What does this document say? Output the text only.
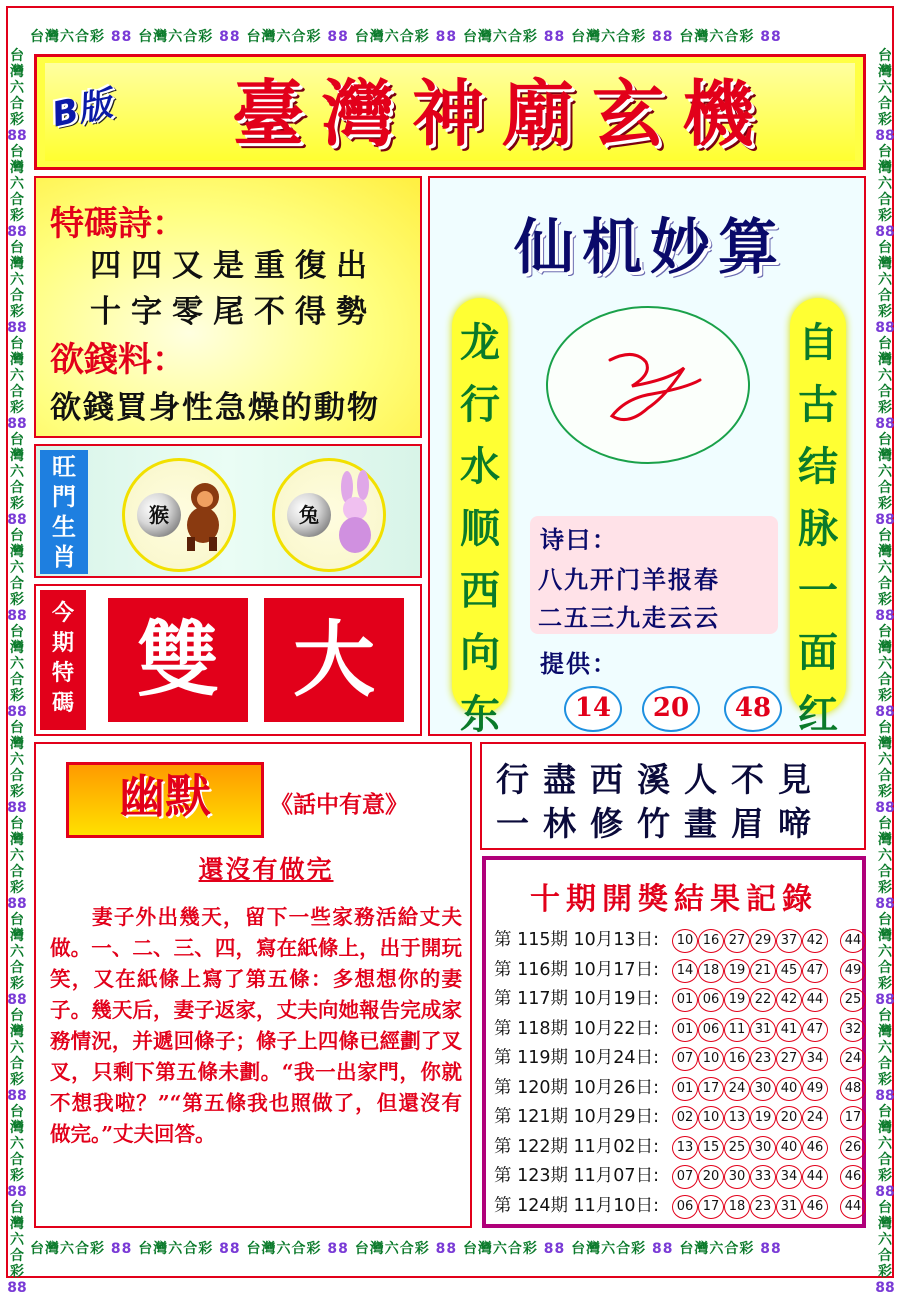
台灣六合彩 88 台灣六合彩 88 台灣六合彩 88 台灣六合彩 88 台灣六合彩 88 台灣六合彩 88 台灣六合彩 88
台灣六合彩 88 台灣六合彩 88 台灣六合彩 88 台灣六合彩 88 台灣六合彩 88 台灣六合彩 88 台灣六合彩 88
台
灣
六
合
彩
88
台
灣
六
合
彩
88
台
灣
六
合
彩
88
台
灣
六
合
彩
88
台
灣
六
合
彩
88
台
灣
六
合
彩
88
台
灣
六
合
彩
88
台
灣
六
合
彩
88
台
灣
六
合
彩
88
台
灣
六
合
彩
88
台
灣
六
合
彩
88
台
灣
六
合
彩
88
台
灣
六
合
彩
88
台
灣
六
合
彩
88
台
灣
六
合
彩
88
台
灣
六
合
彩
88
台
灣
六
合
彩
88
台
灣
六
合
彩
88
台
灣
六
合
彩
88
台
灣
六
合
彩
88
台
灣
六
合
彩
88
台
灣
六
合
彩
88
台
灣
六
合
彩
88
台
灣
六
合
彩
88
台
灣
六
合
彩
88
台
灣
六
合
彩
88
B版	臺灣神廟玄機
特碼詩：
四四又是重復出
十字零尾不得勢
欲錢料：
欲錢買身性急燥的動物
旺
門
生
肖
猴	兔
今
期
特
碼 雙 大
仙机妙算
龙
行
水
顺
西
向
东
自
古
结
脉
一
面
红
诗曰：
八九开门羊报春
二五三九走云云
提供：
14	20	48
幽默	《話中有意》
還沒有做完
妻子外出幾天，留下一些家務活給丈夫做。一、二、三、四，寫在紙條上，出于開玩笑，又在紙條上寫了第五條：多想想你的妻子。幾天后，妻子返家，丈夫向她報告完成家務情況，并遞回條子；條子上四條已經劃了叉叉，只剩下第五條未劃。“我一出家門，你就不想我啦？”“第五條我也照做了，但還沒有做完。”丈夫回答。
行盡西溪人不見
一林修竹畫眉啼
十期開獎結果記錄
第 115期 10月13日:	10 16 27 29 37 42	44
第 116期 10月17日:	14 18 19 21 45 47	49
第 117期 10月19日:	01 06 19 22 42 44	25
第 118期 10月22日:	01 06 11 31 41 47	32
第 119期 10月24日:	07 10 16 23 27 34	24
第 120期 10月26日:	01 17 24 30 40 49	48
第 121期 10月29日:	02 10 13 19 20 24	17
第 122期 11月02日:	13 15 25 30 40 46	26
第 123期 11月07日:	07 20 30 33 34 44	46
第 124期 11月10日:	06 17 18 23 31 46	44
